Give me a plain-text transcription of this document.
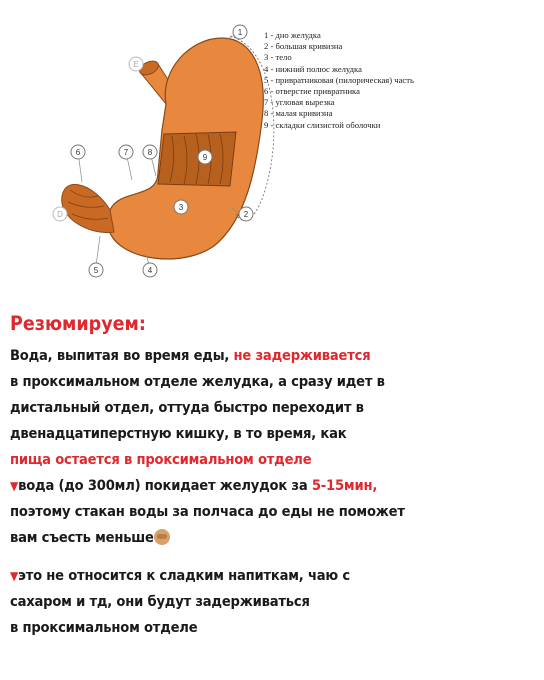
1
2
3
4
5
6	7 8
9
E
D
1 - дно желудка
2 - большая кривизна
3 - тело
4 - нижний полюс желудка
5 - привратниковая (пилорическая) часть
6 - отверстие привратника
7 - угловая вырезка
8 - малая кривизна
9 - складки слизистой оболочки
Резюмируем:

Вода, выпитая во время еды, не задерживается
в проксимальном отделе желудка, а сразу идет в
дистальный отдел, оттуда быстро переходит в
двенадцатиперстную кишку, в то время, как
пища остается в проксимальном отделе

▼вода (до 300мл) покидает желудок за 5-15мин,
поэтому стакан воды за полчаса до еды не поможет
вам съесть меньше

▼это не относится к сладким напиткам, чаю с
сахаром и тд, они будут задерживаться
в проксимальном отделе
